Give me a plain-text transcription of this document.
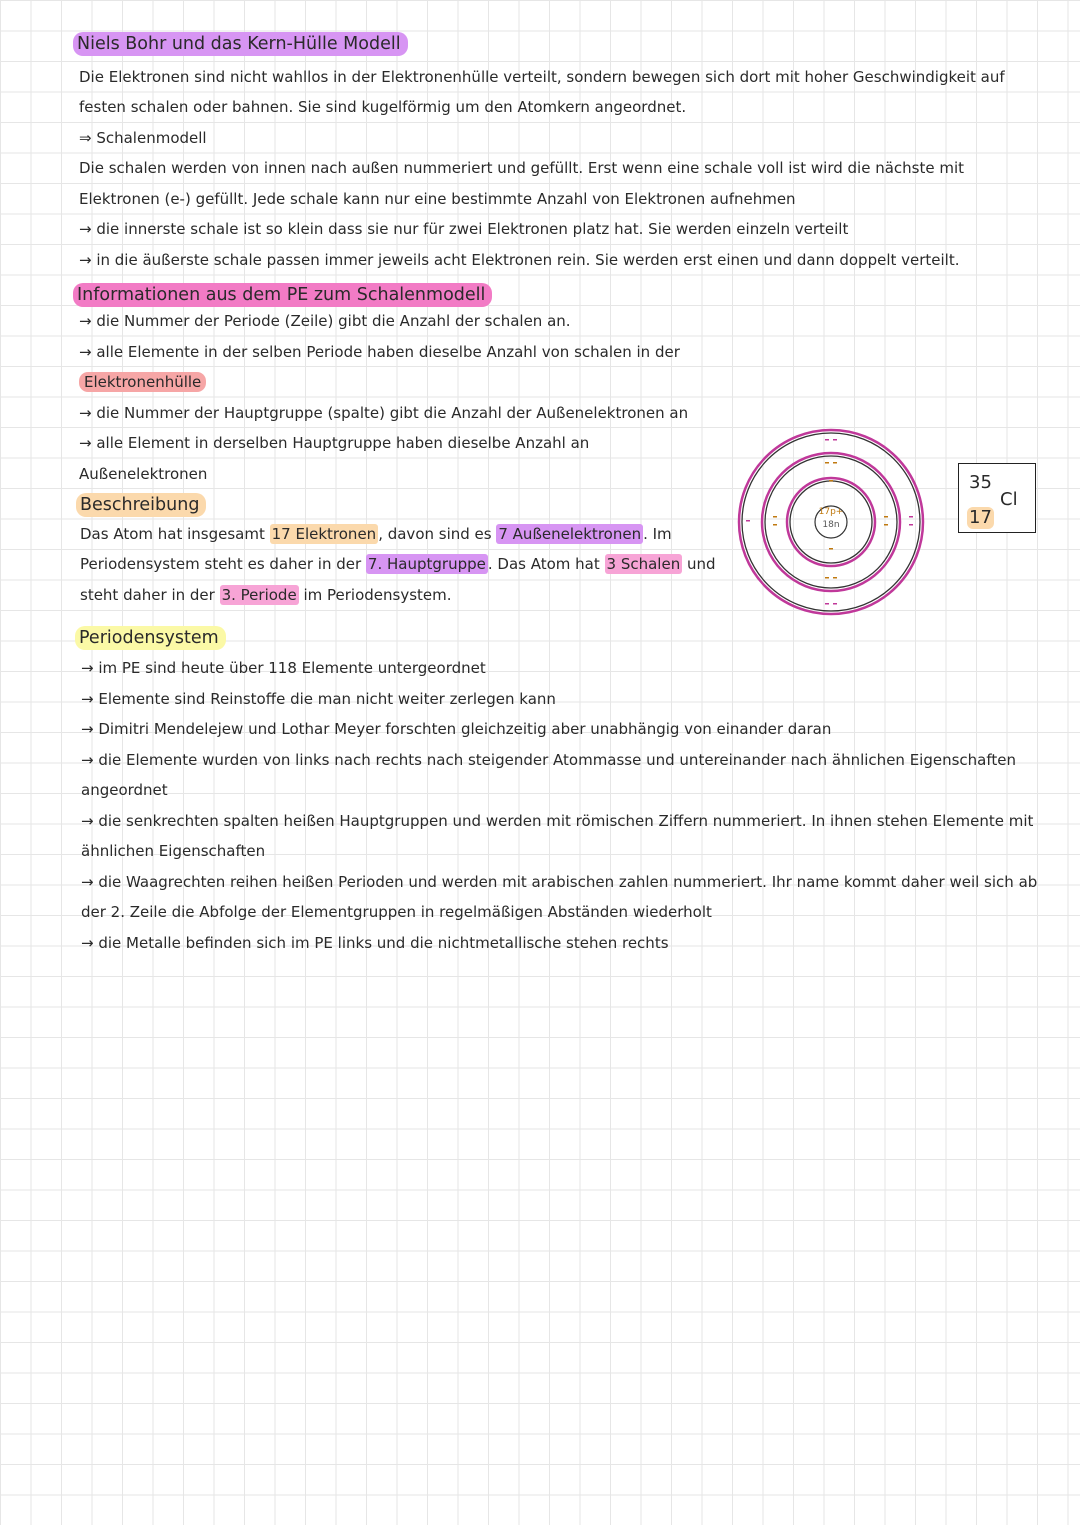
Niels Bohr und das Kern-Hülle Modell
Die Elektronen sind nicht wahllos in der Elektronenhülle verteilt, sondern bewegen sich dort mit hoher Geschwindigkeit auf
festen schalen oder bahnen. Sie sind kugelförmig um den Atomkern angeordnet.
⇒ Schalenmodell
Die schalen werden von innen nach außen nummeriert und gefüllt. Erst wenn eine schale voll ist wird die nächste mit
Elektronen (e-) gefüllt. Jede schale kann nur eine bestimmte Anzahl von Elektronen aufnehmen
→ die innerste schale ist so klein dass sie nur für zwei Elektronen platz hat. Sie werden einzeln verteilt
→ in die äußerste schale passen immer jeweils acht Elektronen rein. Sie werden erst einen und dann doppelt verteilt.
Informationen aus dem PE zum Schalenmodell
→ die Nummer der Periode (Zeile) gibt die Anzahl der schalen an.
→ alle Elemente in der selben Periode haben dieselbe Anzahl von schalen in der
Elektronenhülle
→ die Nummer der Hauptgruppe (spalte) gibt die Anzahl der Außenelektronen an
→ alle Element in derselben Hauptgruppe haben dieselbe Anzahl an
Außenelektronen
Beschreibung
Das Atom hat insgesamt 17 Elektronen , davon sind es 7 Außenelektronen . Im
Periodensystem steht es daher in der 7. Hauptgruppe . Das Atom hat 3 Schalen und
steht daher in der 3. Periode im Periodensystem.
17p+
18n
35
Cl
17
Periodensystem
→ im PE sind heute über 118 Elemente untergeordnet
→ Elemente sind Reinstoffe die man nicht weiter zerlegen kann
→ Dimitri Mendelejew und Lothar Meyer forschten gleichzeitig aber unabhängig von einander daran
→ die Elemente wurden von links nach rechts nach steigender Atommasse und untereinander nach ähnlichen Eigenschaften
angeordnet
→ die senkrechten spalten heißen Hauptgruppen und werden mit römischen Ziffern nummeriert. In ihnen stehen Elemente mit
ähnlichen Eigenschaften
→ die Waagrechten reihen heißen Perioden und werden mit arabischen zahlen nummeriert. Ihr name kommt daher weil sich ab
der 2. Zeile die Abfolge der Elementgruppen in regelmäßigen Abständen wiederholt
→ die Metalle befinden sich im PE links und die nichtmetallische stehen rechts
